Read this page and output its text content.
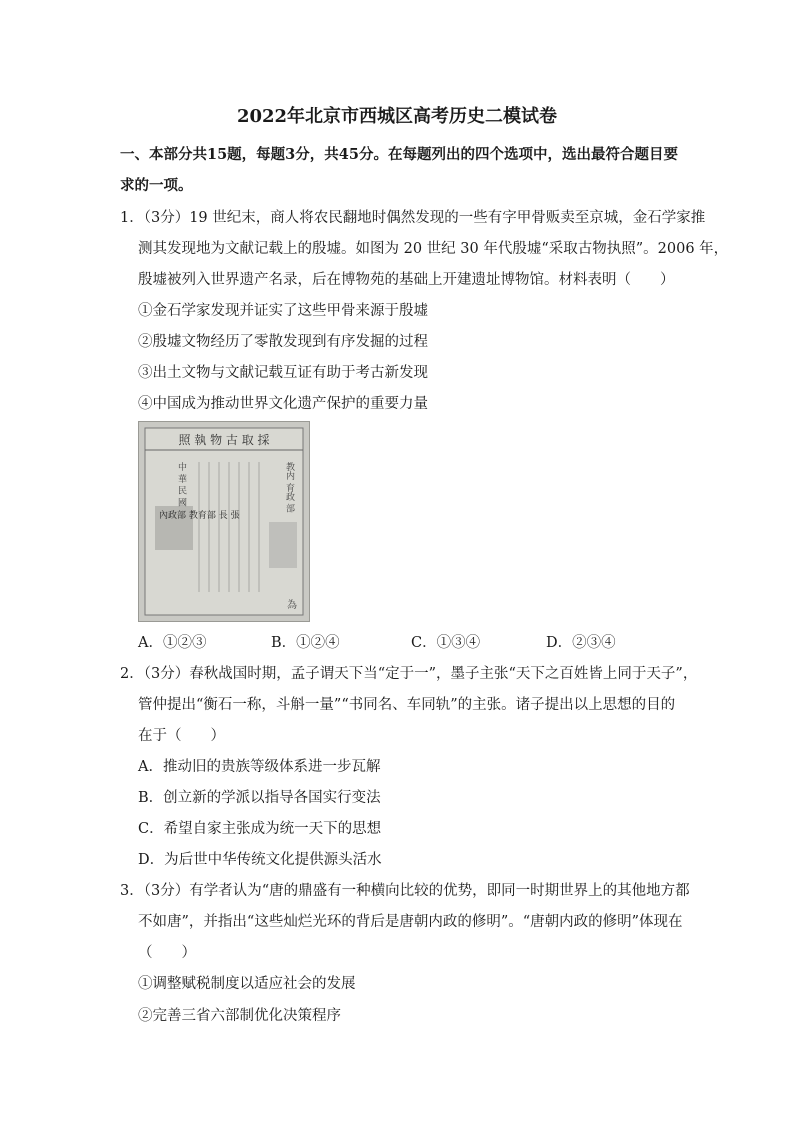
2022年北京市西城区高考历史二模试卷
一、本部分共15题，每题3分，共45分。在每题列出的四个选项中，选出最符合题目要
求的一项。
1．（3分）19 世纪末，商人将农民翻地时偶然发现的一些有字甲骨贩卖至京城，金石学家推
测其发现地为文献记载上的殷墟。如图为 20 世纪 30 年代殷墟“采取古物执照”。2006 年，
殷墟被列入世界遗产名录，后在博物苑的基础上开建遗址博物馆。材料表明（　　）
①金石学家发现并证实了这些甲骨来源于殷墟
②殷墟文物经历了零散发现到有序发掘的过程
③出土文物与文献记载互证有助于考古新发现
④中国成为推动世界文化遗产保护的重要力量
照 執 物 古 取 採
教内 育政 部
中 華 民 國
內政部 教育部 長 張
為
A．①②③	B．①②④	C．①③④	D．②③④
2．（3分）春秋战国时期，孟子谓天下当“定于一”，墨子主张“天下之百姓皆上同于天子”，
管仲提出“衡石一称，斗斛一量”“书同名、车同轨”的主张。诸子提出以上思想的目的
在于（　　）
A．推动旧的贵族等级体系进一步瓦解
B．创立新的学派以指导各国实行变法
C．希望自家主张成为统一天下的思想
D．为后世中华传统文化提供源头活水
3．（3分）有学者认为“唐的鼎盛有一种横向比较的优势，即同一时期世界上的其他地方都
不如唐”，并指出“这些灿烂光环的背后是唐朝内政的修明”。“唐朝内政的修明”体现在
（　　）
①调整赋税制度以适应社会的发展
②完善三省六部制优化决策程序
